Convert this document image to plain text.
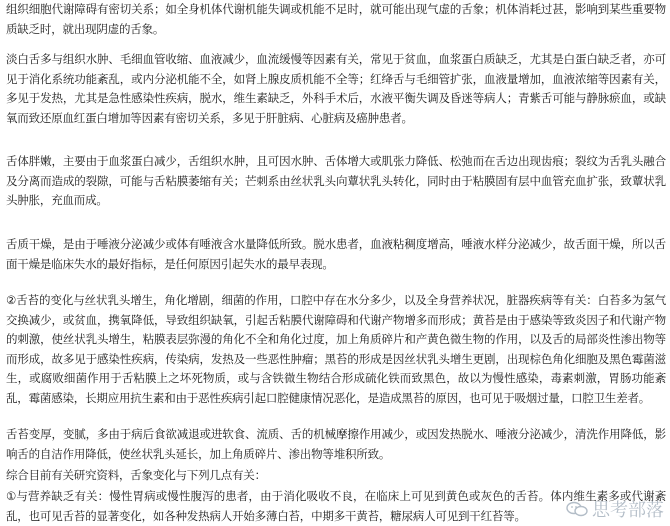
组织细胞代谢障碍有密切关系；如全身机体代谢机能失调或机能不足时，就可能出现气虚的舌象；机体消耗过甚，影响到某些重要物质缺乏时，就出现阴虚的舌象。

淡白舌多与组织水肿、毛细血管收缩、血液减少，血流缓慢等因素有关，常见于贫血，血浆蛋白质缺乏，尤其是白蛋白缺乏者，亦可见于消化系统功能紊乱，或内分泌机能不全，如肾上腺皮质机能不全等；红绛舌与毛细管扩张，血液量增加，血液浓缩等因素有关，多见于发热，尤其是急性感染性疾病，脱水，维生素缺乏，外科手术后，水液平衡失调及昏迷等病人；青紫舌可能与静脉瘀血，或缺氧而致还原血红蛋白增加等因素有密切关系，多见于肝脏病、心脏病及癌肿患者。

舌体胖嫩，主要由于血浆蛋白减少，舌组织水肿，且可因水肿、舌体增大或肌张力降低、松弛而在舌边出现齿痕；裂纹为舌乳头融合及分离而造成的裂隙，可能与舌粘膜萎缩有关；芒刺系由丝状乳头向蕈状乳头转化，同时由于粘膜固有层中血管充血扩张，致蕈状乳头肿胀，充血而成。

舌质干燥，是由于唾液分泌减少或体有唾液含水量降低所致。脱水患者，血液粘稠度增高，唾液水样分泌减少，故舌面干燥，所以舌面干燥是临床失水的最好指标，是任何原因引起失水的最早表现。

②舌苔的变化与丝状乳头增生，角化增剧，细菌的作用，口腔中存在水分多少，以及全身营养状况，脏器疾病等有关：白苔多为氢气交换减少，或贫血，携氧降低，导致组织缺氧，引起舌粘膜代谢障碍和代谢产物增多而形成；黄苔是由于感染等致炎因子和代谢产物的刺激，使丝状乳头增生，粘膜表层弥漫的角化不全和角化过度，加上角质碎片和产黄色微生物的作用，以及舌的局部炎性渗出物等而形成，故多见于感染性疾病，传染病，发热及一些恶性肿瘤；黑苔的形成是因丝状乳头增生更剧，出现棕色角化细胞及黑色霉菌滋生，或腐败细菌作用于舌粘膜上之坏死物质，或与含铁微生物结合形成硫化铁而致黑色，故以为慢性感染，毒素刺激，胃肠功能紊乱，霉菌感染，长期应用抗生素和由于恶性疾病引起口腔健康情况恶化，是造成黑苔的原因，也可见于吸烟过量，口腔卫生差者。

舌苔变厚，变腻，多由于病后食欲减退或进软食、流质、舌的机械摩擦作用减少，或因发热脱水、唾液分泌减少，清洗作用降低，影响舌的自洁作用降低，使丝状乳头延长，加上角质碎片、渗出物等堆积所致。

综合目前有关研究资料，舌象变化与下列几点有关：

①与营养缺乏有关：慢性胃病或慢性腹泻的患者，由于消化吸收不良，在临床上可见到黄色或灰色的舌苔。体内维生素多或代谢紊乱，也可见舌苔的显著变化，如各种发热病人开始多薄白苔，中期多干黄苔，糖尿病人可见到干红苔等。	思考部落
